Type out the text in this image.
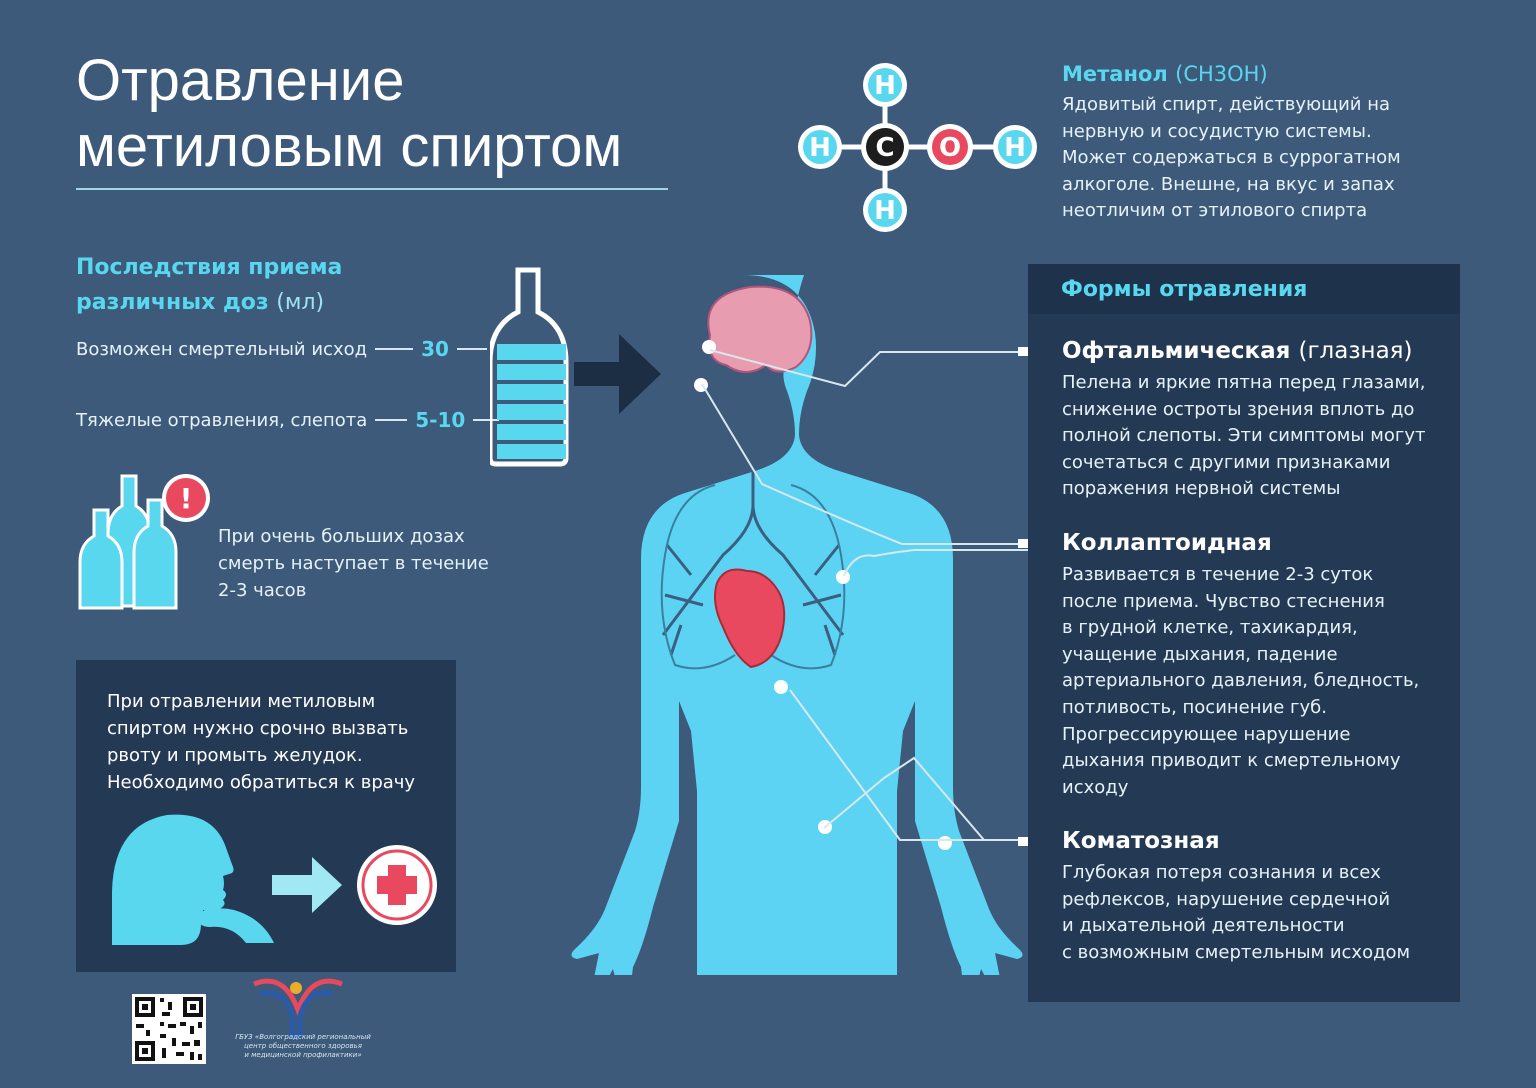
Отравление
метиловым спиртом
H
H C O H
H
Метанол (CH3OH)
Ядовитый спирт, действующий на
нервную и сосудистую системы.
Может содержаться в суррогатном
алкоголе. Внешне, на вкус и запах
неотличим от этилового спирта
Последствия приема
различных доз (мл)
Возможен смертельный исход	30
Тяжелые отравления, слепота 5-10
!
При очень больших дозах
смерть наступает в течение
2-3 часов
При отравлении метиловым
спиртом нужно срочно вызвать
рвоту и промыть желудок.
Необходимо обратиться к врачу
ГБУЗ «Волгоградский региональный
центр общественного здоровья
и медицинской профилактики»
Формы отравления
Офтальмическая (глазная)
Пелена и яркие пятна перед глазами,
снижение остроты зрения вплоть до
полной слепоты. Эти симптомы могут
сочетаться с другими признаками
поражения нервной системы
Коллаптоидная
Развивается в течение 2-3 суток
после приема. Чувство стеснения
в грудной клетке, тахикардия,
учащение дыхания, падение
артериального давления, бледность,
потливость, посинение губ.
Прогрессирующее нарушение
дыхания приводит к смертельному
исходу
Коматозная
Глубокая потеря сознания и всех
рефлексов, нарушение сердечной
и дыхательной деятельности
с возможным смертельным исходом
